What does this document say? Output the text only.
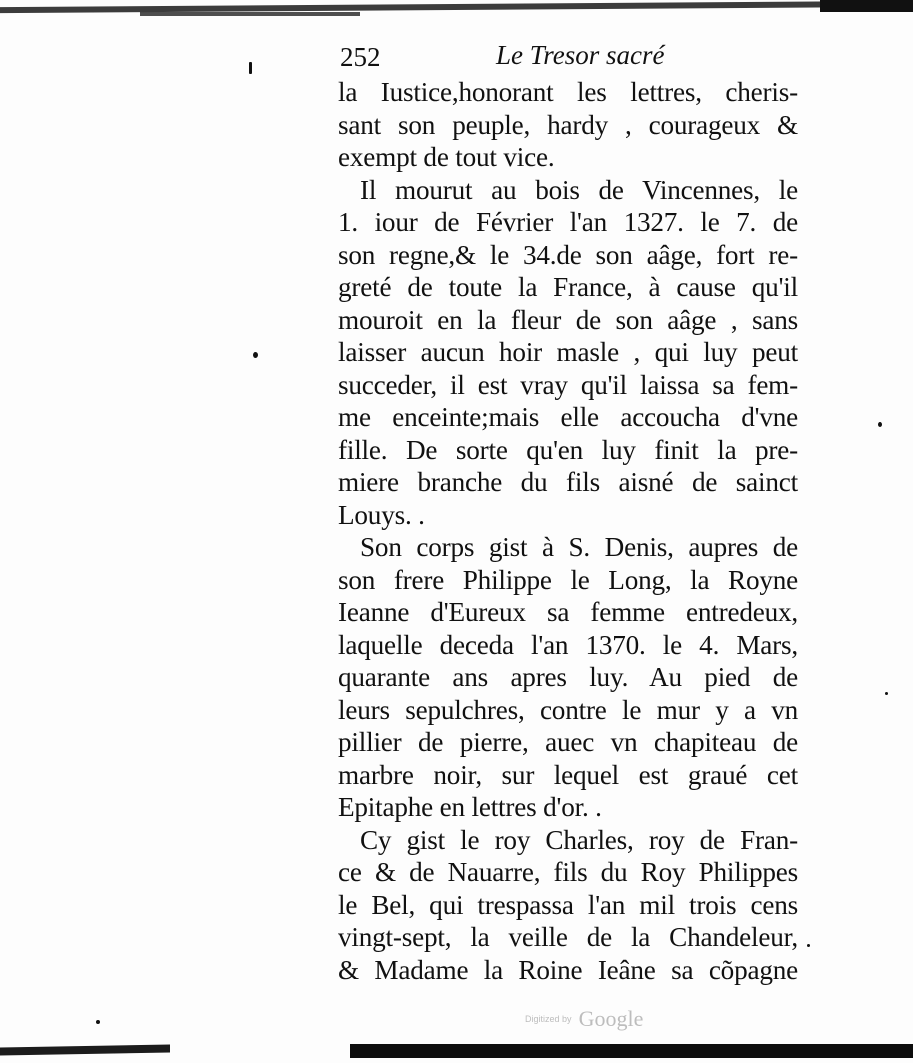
252	Le Tresor sacré
la Iustice,honorant les lettres, cheris-
sant son peuple, hardy , courageux &
exempt de tout vice.
Il mourut au bois de Vincennes, le
1. iour de Février l'an 1327. le 7. de
son regne,& le 34.de son aâge, fort re-
greté de toute la France, à cause qu'il
mouroit en la fleur de son aâge , sans
laisser aucun hoir masle , qui luy peut
succeder, il est vray qu'il laissa sa fem-
me enceinte;mais elle accoucha d'vne
fille. De sorte qu'en luy finit la pre-
miere branche du fils aisné de sainct
Louys. .
Son corps gist à S. Denis, aupres de
son frere Philippe le Long, la Royne
Ieanne d'Eureux sa femme entredeux,
laquelle deceda l'an 1370. le 4. Mars,
quarante ans apres luy. Au pied de
leurs sepulchres, contre le mur y a vn
pillier de pierre, auec vn chapiteau de
marbre noir, sur lequel est graué cet
Epitaphe en lettres d'or. .
Cy gist le roy Charles, roy de Fran-
ce & de Nauarre, fils du Roy Philippes
le Bel, qui trespassa l'an mil trois cens
vingt-sept, la veille de la Chandeleur,
& Madame la Roine Ieâne sa cõpagne
Digitized by Google
